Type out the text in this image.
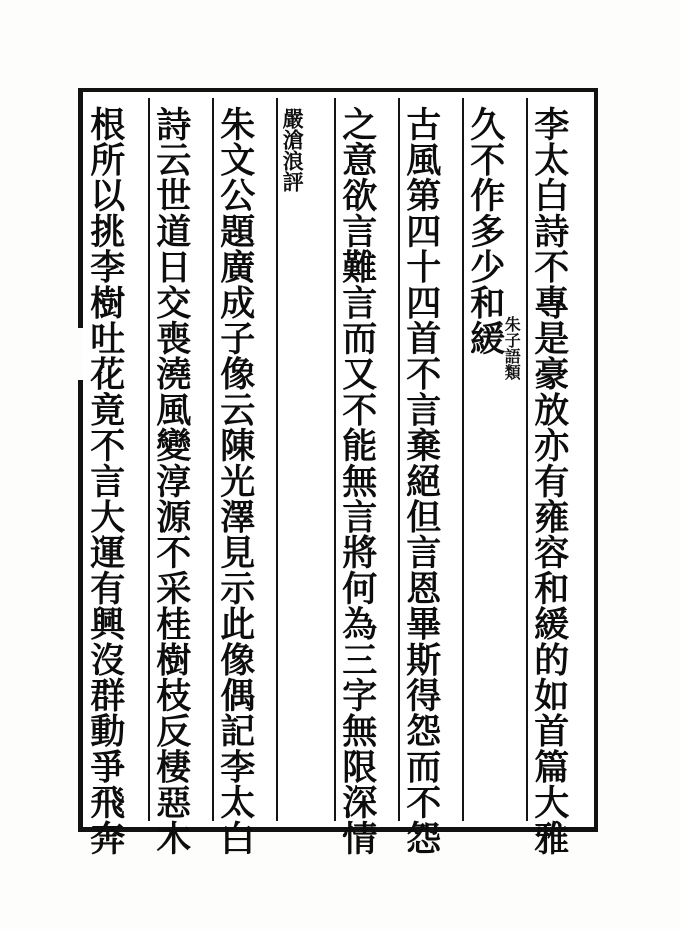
李太白詩不專是豪放亦有雍容和緩的如首篇大雅
久不作多少和緩
朱子語類
古風第四十四首不言棄絕但言恩畢斯得怨而不怨
之意欲言難言而又不能無言將何為三字無限深情
嚴滄浪評
朱文公題廣成子像云陳光澤見示此像偶記李太白
詩云世道日交喪澆風變淳源不采桂樹枝反棲惡木
根所以挑李樹吐花竟不言大運有興沒群動爭飛奔
